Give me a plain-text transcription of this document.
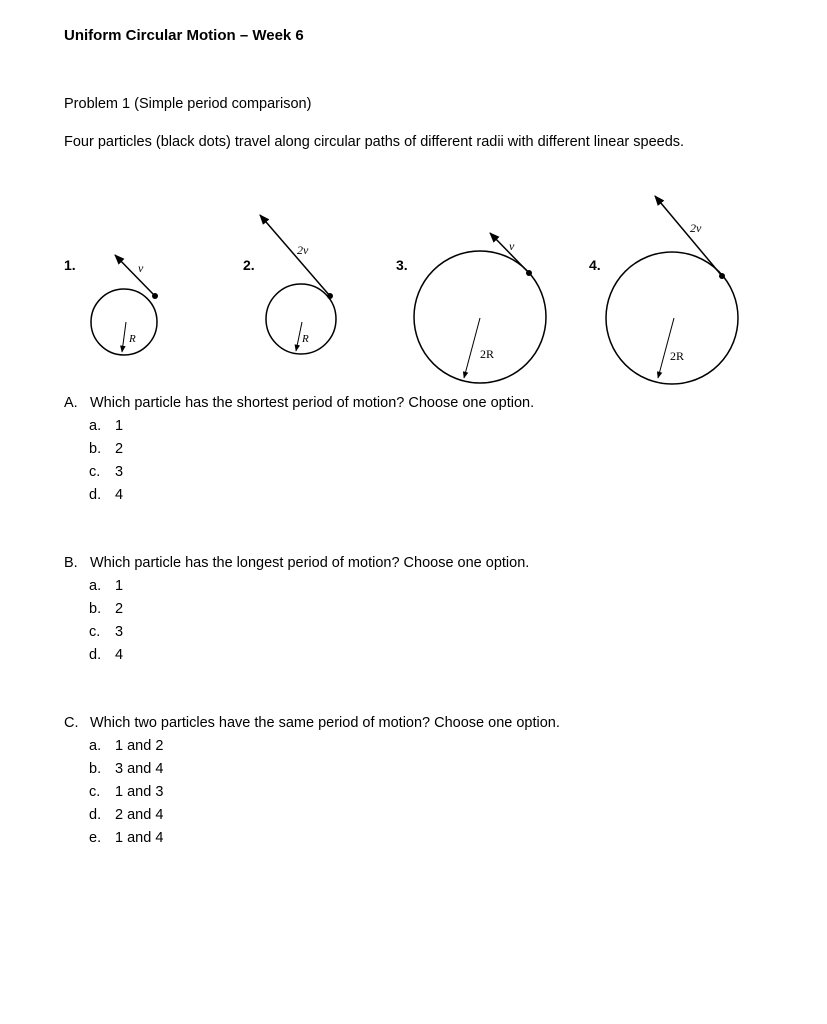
Uniform Circular Motion – Week 6
Problem 1 (Simple period comparison)
Four particles (black dots) travel along circular paths of different radii with different linear speeds.
1.
R
v⃗	2.
R
2v⃗
3.
2R
v⃗
4.
2R
2v⃗
A. Which particle has the shortest period of motion? Choose one option.
a. 1
b. 2
c.	3
d. 4
B. Which particle has the longest period of motion? Choose one option.
a. 1
b. 2
c.	3
d. 4
C. Which two particles have the same period of motion? Choose one option.
a. 1 and 2
b. 3 and 4
c.	1 and 3
d. 2 and 4
e. 1 and 4
